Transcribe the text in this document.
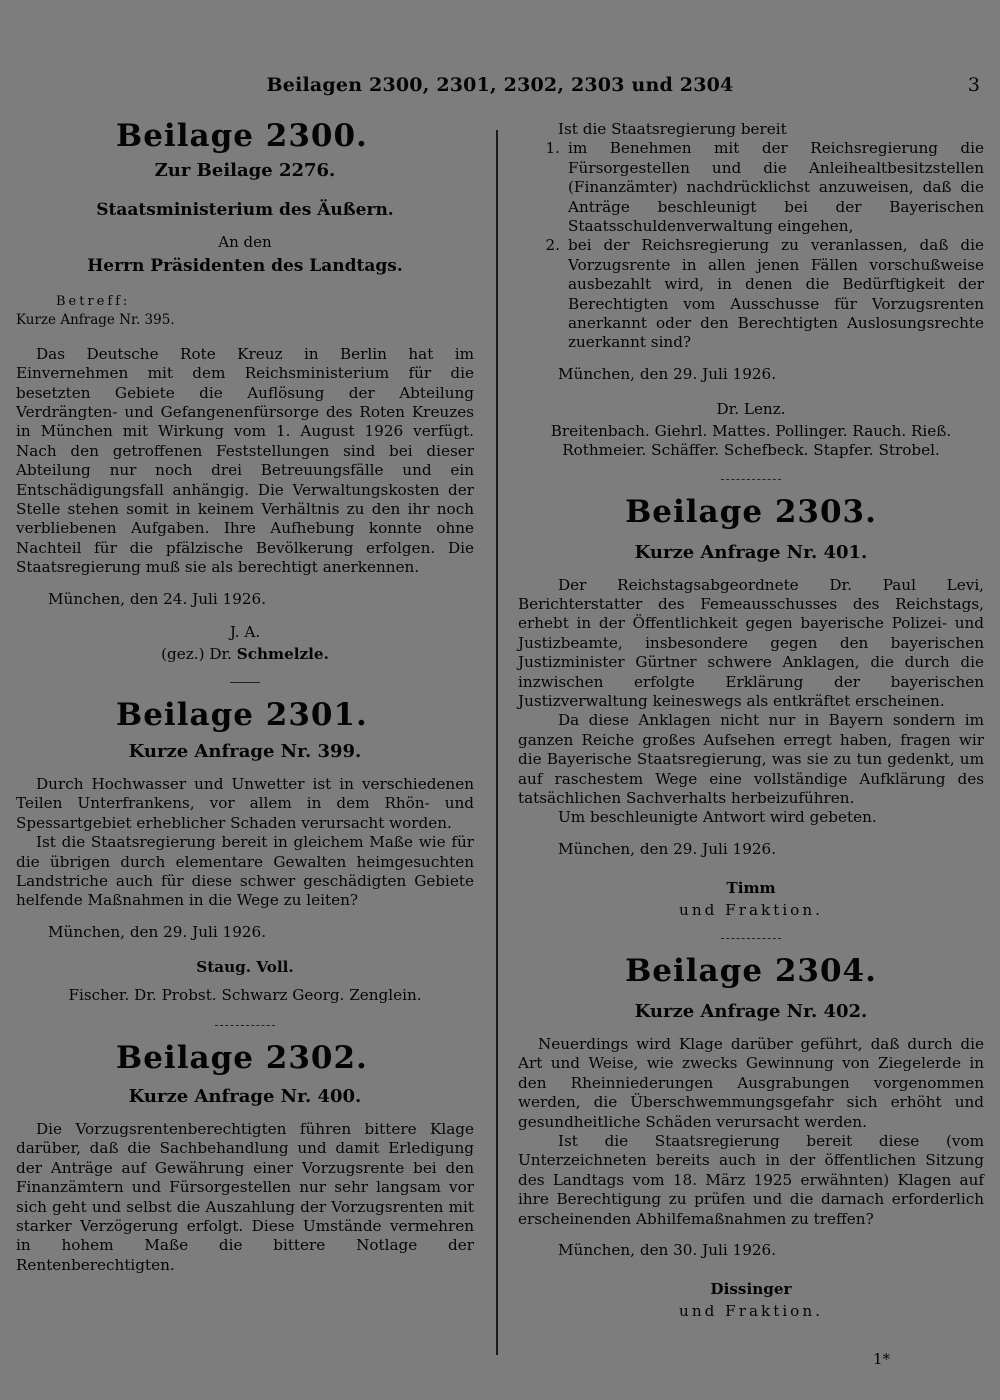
Beilagen 2300, 2301, 2302, 2303 und 2304	3
Beilage 2300.
Zur Beilage 2276.
Staatsministerium des Äußern.
An den
Herrn Präsidenten des Landtags.
Betreff:
Kurze Anfrage Nr. 395.

Das Deutsche Rote Kreuz in Berlin hat im Einvernehmen mit dem Reichsministerium für die besetzten Gebiete die Auflösung der Abteilung Verdrängten- und Gefangenenfürsorge des Roten Kreuzes in München mit Wirkung vom 1. August 1926 verfügt. Nach den getroffenen Feststellungen sind bei dieser Abteilung nur noch drei Betreuungsfälle und ein Entschädigungsfall anhängig. Die Verwaltungskosten der Stelle stehen somit in keinem Verhältnis zu den ihr noch verbliebenen Aufgaben. Ihre Aufhebung konnte ohne Nachteil für die pfälzische Bevölkerung erfolgen. Die Staatsregierung muß sie als berechtigt anerkennen.

München, den 24. Juli 1926.
J. A.
(gez.) Dr. Schmelzle.
Beilage 2301.
Kurze Anfrage Nr. 399.

Durch Hochwasser und Unwetter ist in verschiedenen Teilen Unterfrankens, vor allem in dem Rhön- und Spessartgebiet erheblicher Schaden verursacht worden.

Ist die Staatsregierung bereit in gleichem Maße wie für die übrigen durch elementare Gewalten heimgesuchten Landstriche auch für diese schwer geschädigten Gebiete helfende Maßnahmen in die Wege zu leiten?

München, den 29. Juli 1926.
Staug. Voll.
Fischer. Dr. Probst. Schwarz Georg. Zenglein.
Beilage 2302.
Kurze Anfrage Nr. 400.

Die Vorzugsrentenberechtigten führen bittere Klage darüber, daß die Sachbehandlung und damit Erledigung der Anträge auf Gewährung einer Vorzugsrente bei den Finanzämtern und Fürsorgestellen nur sehr langsam vor sich geht und selbst die Auszahlung der Vorzugsrenten mit starker Verzögerung erfolgt. Diese Umstände vermehren in hohem Maße die bittere Notlage der Rentenberechtigten.

Ist die Staatsregierung bereit

1. im Benehmen mit der Reichsregierung die Fürsorgestellen und die Anleihealtbesitzstellen (Finanzämter) nachdrücklichst anzuweisen, daß die Anträge beschleunigt bei der Bayerischen Staatsschuldenverwaltung eingehen,
2. bei der Reichsregierung zu veranlassen, daß die Vorzugsrente in allen jenen Fällen vorschußweise ausbezahlt wird, in denen die Bedürftigkeit der Berechtigten vom Ausschusse für Vorzugsrenten anerkannt oder den Berechtigten Auslosungsrechte zuerkannt sind?
München, den 29. Juli 1926.
Dr. Lenz.
Breitenbach. Giehrl. Mattes. Pollinger. Rauch. Rieß. Rothmeier. Schäffer. Schefbeck. Stapfer. Strobel.
Beilage 2303.
Kurze Anfrage Nr. 401.

Der Reichstagsabgeordnete Dr. Paul Levi, Berichterstatter des Femeausschusses des Reichstags, erhebt in der Öffentlichkeit gegen bayerische Polizei- und Justizbeamte, insbesondere gegen den bayerischen Justizminister Gürtner schwere Anklagen, die durch die inzwischen erfolgte Erklärung der bayerischen Justizverwaltung keineswegs als entkräftet erscheinen.

Da diese Anklagen nicht nur in Bayern sondern im ganzen Reiche großes Aufsehen erregt haben, fragen wir die Bayerische Staatsregierung, was sie zu tun gedenkt, um auf raschestem Wege eine vollständige Aufklärung des tatsächlichen Sachverhalts herbeizuführen.

Um beschleunigte Antwort wird gebeten.

München, den 29. Juli 1926.
Timm
und Fraktion.
Beilage 2304.
Kurze Anfrage Nr. 402.

Neuerdings wird Klage darüber geführt, daß durch die Art und Weise, wie zwecks Gewinnung von Ziegelerde in den Rheinniederungen Ausgrabungen vorgenommen werden, die Überschwemmungsgefahr sich erhöht und gesundheitliche Schäden verursacht werden.

Ist die Staatsregierung bereit diese (vom Unterzeichneten bereits auch in der öffentlichen Sitzung des Landtags vom 18. März 1925 erwähnten) Klagen auf ihre Berechtigung zu prüfen und die darnach erforderlich erscheinenden Abhilfemaßnahmen zu treffen?

München, den 30. Juli 1926.
Dissinger
und Fraktion.
1*
